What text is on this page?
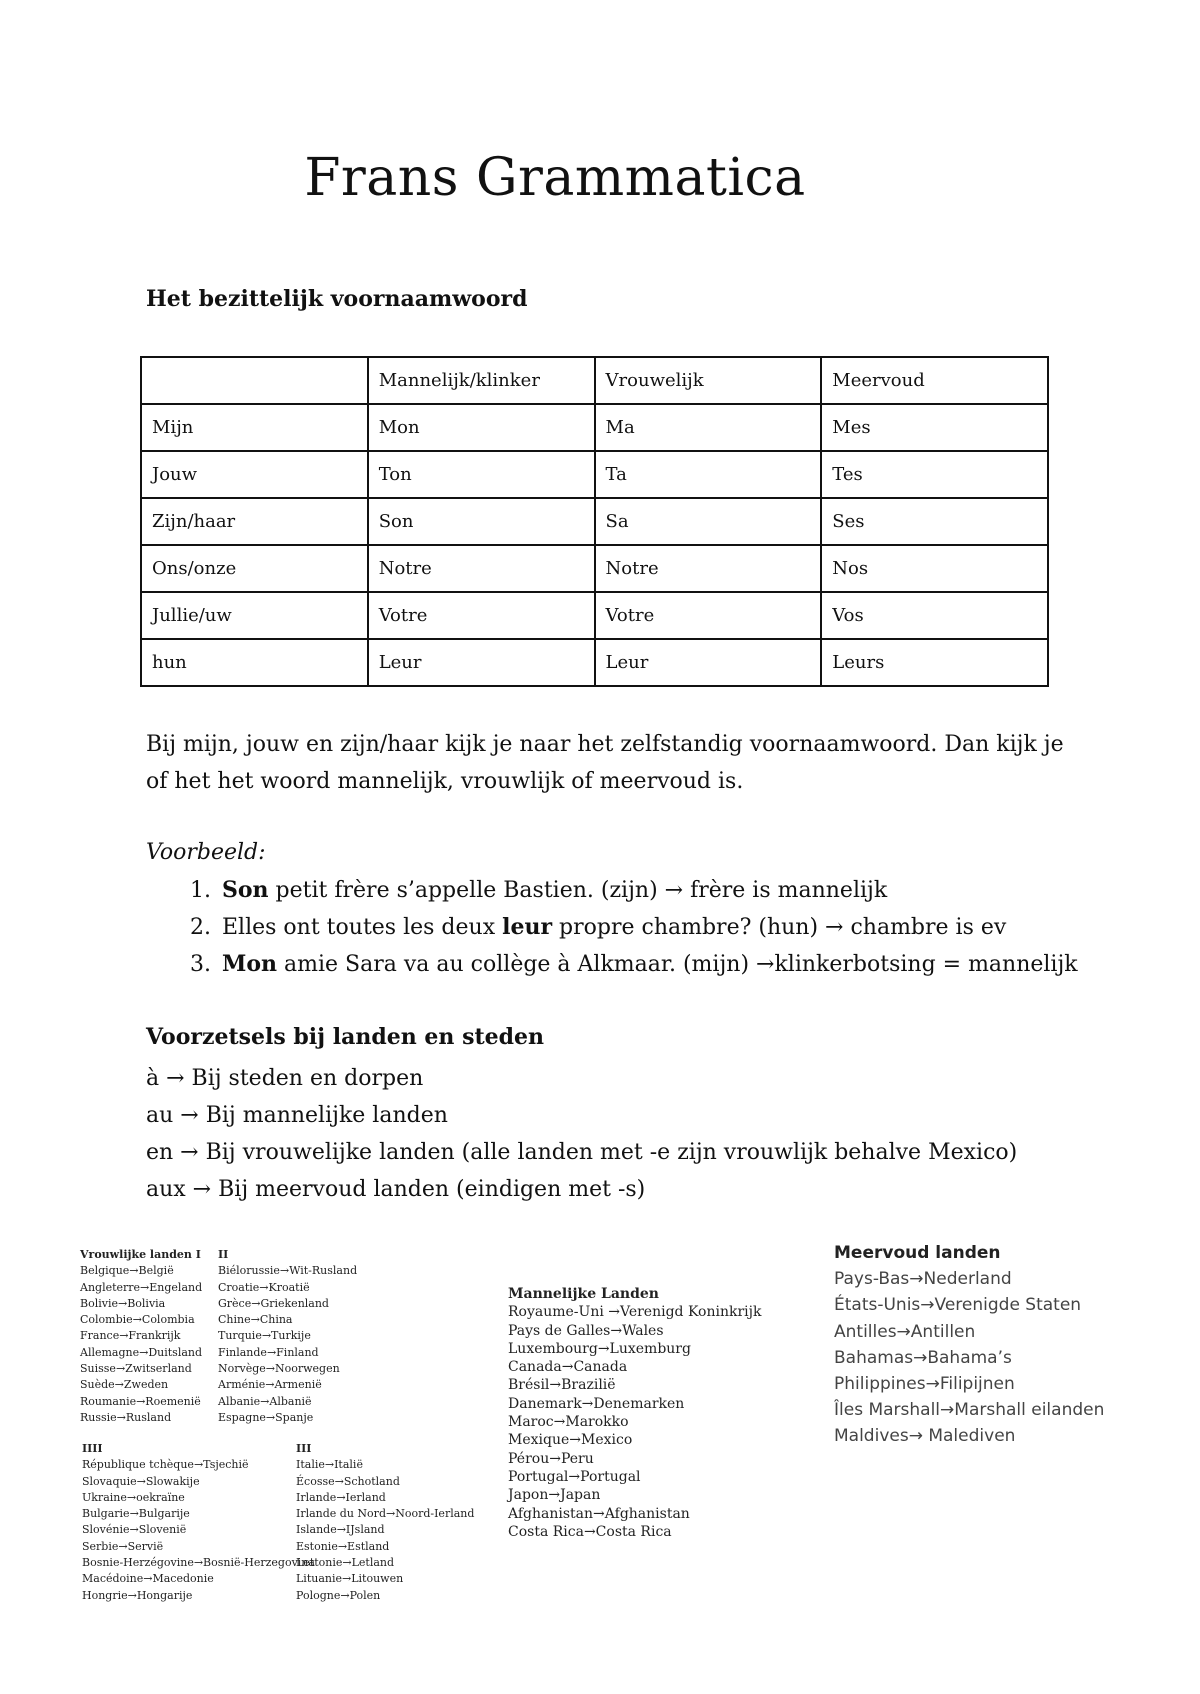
Frans Grammatica
Het bezittelijk voornaamwoord
	Mannelijk/klinker	Vrouwelijk	Meervoud
Mijn	Mon	Ma	Mes
Jouw	Ton	Ta	Tes
Zijn/haar	Son	Sa	Ses
Ons/onze	Notre	Notre	Nos
Jullie/uw	Votre	Votre	Vos
hun	Leur	Leur	Leurs
Bij mijn, jouw en zijn/haar kijk je naar het zelfstandig voornaamwoord. Dan kijk je of het het woord mannelijk, vrouwlijk of meervoud is.
Voorbeeld:
1. Son petit frère s’appelle Bastien. (zijn) → frère is mannelijk
2. Elles ont toutes les deux leur propre chambre? (hun) → chambre is ev
3. Mon amie Sara va au collège à Alkmaar. (mijn) →klinkerbotsing = mannelijk
Voorzetsels bij landen en steden
à → Bij steden en dorpen
au → Bij mannelijke landen
en → Bij vrouwelijke landen (alle landen met -e zijn vrouwlijk behalve Mexico)
aux → Bij meervoud landen (eindigen met -s)
Vrouwlijke landen I
Belgique→België
Angleterre→Engeland
Bolivie→Bolivia
Colombie→Colombia
France→Frankrijk
Allemagne→Duitsland
Suisse→Zwitserland
Suède→Zweden
Roumanie→Roemenië
Russie→Rusland
II
Biélorussie→Wit-Rusland
Croatie→Kroatië
Grèce→Griekenland
Chine→China
Turquie→Turkije
Finlande→Finland
Norvège→Noorwegen
Arménie→Armenië
Albanie→Albanië
Espagne→Spanje
IIII
République tchèque→Tsjechië
Slovaquie→Slowakije
Ukraine→oekraïne
Bulgarie→Bulgarije
Slovénie→Slovenië
Serbie→Servië
Bosnie-Herzégovine→Bosnië-Herzegovina
Macédoine→Macedonie
Hongrie→Hongarije
III
Italie→Italië
Écosse→Schotland
Irlande→Ierland
Irlande du Nord→Noord-Ierland
Islande→IJsland
Estonie→Estland
Lettonie→Letland
Lituanie→Litouwen
Pologne→Polen
Mannelijke Landen
Royaume-Uni →Verenigd Koninkrijk
Pays de Galles→Wales
Luxembourg→Luxemburg
Canada→Canada
Brésil→Brazilië
Danemark→Denemarken
Maroc→Marokko
Mexique→Mexico
Pérou→Peru
Portugal→Portugal
Japon→Japan
Afghanistan→Afghanistan
Costa Rica→Costa Rica
Meervoud landen
Pays-Bas→Nederland
États-Unis→Verenigde Staten
Antilles→Antillen
Bahamas→Bahama’s
Philippines→Filipijnen
Îles Marshall→Marshall eilanden
Maldives→ Malediven
